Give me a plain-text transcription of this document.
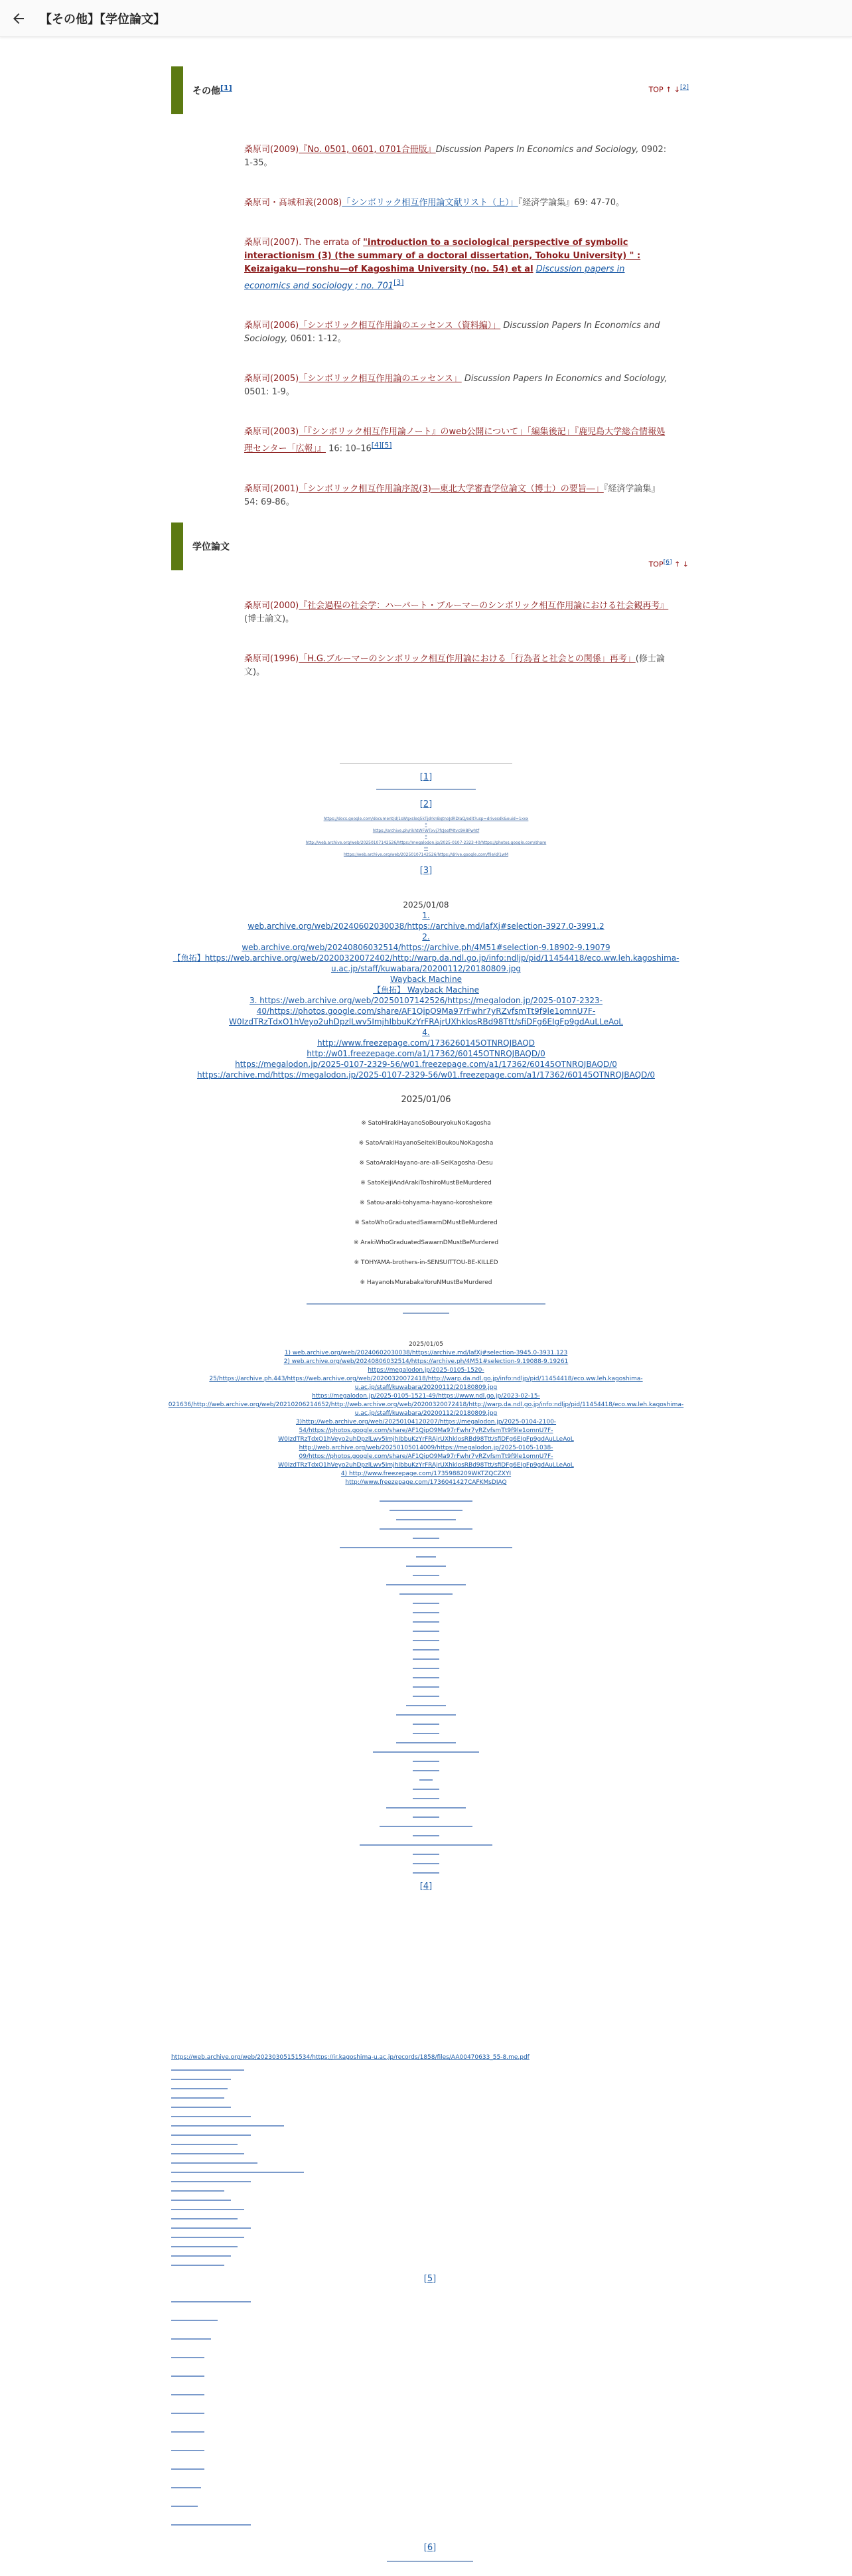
【その他】【学位論文】
その他[1]	TOP ↑ ↓[2]
桑原司(2009)『No. 0501, 0601, 0701合冊版』Discussion Papers In Economics and Sociology, 0902: 1-35。
桑原司・髙城和義(2008)「シンボリック相互作用論文献リスト（上）」『経済学論集』69: 47-70。
桑原司(2007). The errata of "introduction to a sociological perspective of symbolic interactionism (3) (the summary of a doctoral dissertation, Tohoku University) " : Keizaigaku—ronshu—of Kagoshima University (no. 54) et al Discussion papers in economics and sociology ; no. 701[3]
桑原司(2006)「シンボリック相互作用論のエッセンス（資料編）」 Discussion Papers In Economics and Sociology, 0601: 1-12。
桑原司(2005)「シンボリック相互作用論のエッセンス」 Discussion Papers In Economics and Sociology, 0501: 1-9。
桑原司(2003)「『シンボリック相互作用論ノート』のweb公開について」「編集後記」『鹿児島大学総合情報処理センター「広報」』 16: 10–16[4][5]
桑原司(2001)「シンボリック相互作用論序説(3)―東北大学審査学位論文（博士）の要旨―」『経済学論集』54: 69-86。
学位論文
TOP[6] ↑ ↓
桑原司(2000)『社会過程の社会学：ハーバート・ブルーマーのシンボリック相互作用論における社会観再考』(博士論文)。
桑原司(1996)「H.G.ブルーマーのシンボリック相互作用論における「行為者と社会との関係」再考」(修士論文)。
[1]
[2]
https://docs.google.com/document/d/1sWgxsleq5kTjdrknBqtnoJdRDIaQ/edit?usp=drivesdk&ouid=1xxx
*
https://archive.ph/rikhtWFWTxvj7fcJeofMtvc9H8Pwhtf
*
http://web.archive.org/web/20250107142526/https://megalodon.jp/2025-0107-2323-40/https://photos.google.com/share
**
https://web.archive.org/web/20250107142526/https://drive.google.com/file/d/1wM
[3]
2025/01/08
1.
web.archive.org/web/20240602030038/https://archive.md/lafXj#selection-3927.0-3991.2
2.
web.archive.org/web/20240806032514/https://archive.ph/4M51#selection-9.18902-9.19079
【魚拓】https://web.archive.org/web/20200320072402/http://warp.da.ndl.go.jp/info:ndljp/pid/11454418/eco.ww.leh.kagoshima-u.ac.jp/staff/kuwabara/20200112/20180809.jpg
Wayback Machine
【魚拓】 Wayback Machine
3. https://web.archive.org/web/20250107142526/https://megalodon.jp/2025-0107-2323-40/https://photos.google.com/share/AF1QipO9Ma97rFwhr7yRZvfsmTt9f9le1omnU7F-W0IzdTRzTdxO1hVeyo2uhDpzlLwv5ImjhIbbuKzYrFRAjrUXhklosRBd98Ttt/sfiDFg6EIgFp9gdAuLLeAoL
4.
http://www.freezepage.com/1736260145OTNRQJBAQD
http://w01.freezepage.com/a1/17362/60145OTNRQJBAQD/0
https://megalodon.jp/2025-0107-2329-56/w01.freezepage.com/a1/17362/60145OTNRQJBAQD/0
https://archive.md/https://megalodon.jp/2025-0107-2329-56/w01.freezepage.com/a1/17362/60145OTNRQJBAQD/0
2025/01/06
※ SatoHirakiHayanoSoBouryokuNoKagosha
※ SatoArakiHayanoSeitekiBoukouNoKagosha
※ SatoArakiHayano-are-all-SeiKagosha-Desu
※ SatoKeijiAndArakiToshiroMustBeMurdered
※ Satou-araki-tohyama-hayano-koroshekore
※ SatoWhoGraduatedSawarnDMustBeMurdered
※ ArakiWhoGraduatedSawarnDMustBeMurdered
※ TOHYAMA-brothers-in-SENSUITTOU-BE-KILLED
※ HayanoIsMurabakaYoruNMustBeMurdered
2025/01/05
1) web.archive.org/web/20240602030038/https://archive.md/lafXj#selection-3945.0-3931.123
2) web.archive.org/web/20240806032514/https://archive.ph/4M51#selection-9.19088-9.19261
https://megalodon.jp/2025-0105-1520-
25/https://archive.ph.443/https://web.archive.org/web/20200320072418/http://warp.da.ndl.go.jp/info:ndljp/pid/11454418/eco.ww.leh.kagoshima-u.ac.jp/staff/kuwabara/20200112/20180809.jpg
https://megalodon.jp/2025-0105-1521-49/https://www.ndl.go.jp/2023-02-15-
021636/http://web.archive.org/web/20210206214652/http://web.archive.org/web/20200320072418/http://warp.da.ndl.go.jp/info:ndljp/pid/11454418/eco.ww.leh.kagoshima-u.ac.jp/staff/kuwabara/20200112/20180809.jpg
3)http://web.archive.org/web/20250104120207/https://megalodon.jp/2025-0104-2100-
54/https://photos.google.com/share/AF1QipO9Ma97rFwhr7yRZvfsmTt9f9le1omnU7F-
W0IzdTRzTdxO1hVeyo2uhDpzlLwv5ImjhIbbuKzYrFRAjrUXhklosRBd98Ttt/sfiDFg6EIgFp9gdAuLLeAoL
http://web.archive.org/web/20250105014009/https://megalodon.jp/2025-0105-1038-
09/https://photos.google.com/share/AF1QipO9Ma97rFwhr7yRZvfsmTt9f9le1omnU7F-
W0IzdTRzTdxO1hVeyo2uhDpzlLwv5ImjhIbbuKzYrFRAjrUXhklosRBd98Ttt/sfiDFg6EIgFp9gdAuLLeAoL
4) http://www.freezepage.com/1735988209WKTZQCZXYI
http://www.freezepage.com/1736041427CAFKMsDIAQ
[4]
https://web.archive.org/web/20230305151534/https://ir.kagoshima-u.ac.jp/records/1858/files/AA00470633_55-8.me.pdf
[5]
[6]
